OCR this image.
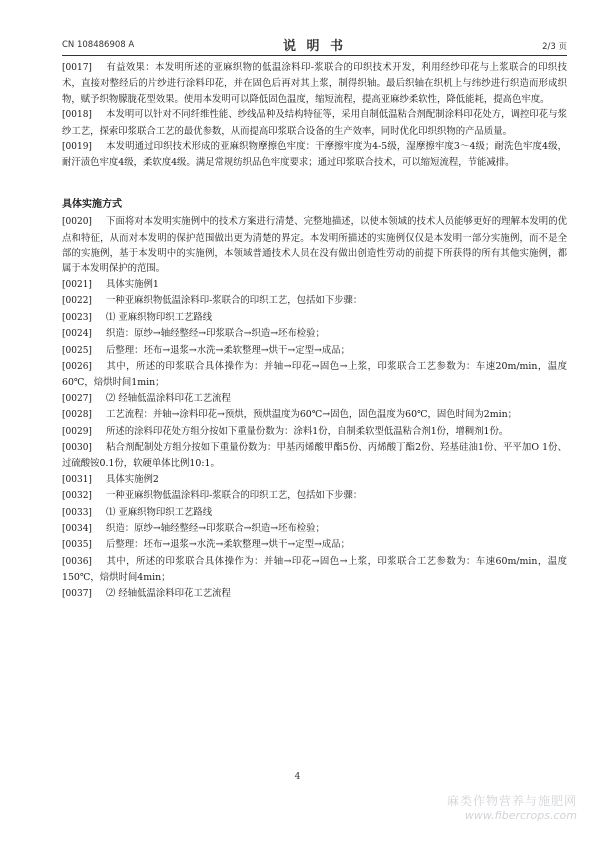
CN 108486908 A	说 明 书	2/3 页

[0017] 有益效果：本发明所述的亚麻织物的低温涂料印-浆联合的印织技术开发，利用经纱印花与上浆联合的印织技术，直接对整经后的片纱进行涂料印花，并在固色后再对其上浆，制得织轴。最后织轴在织机上与纬纱进行织造而形成织物，赋予织物朦胧花型效果。使用本发明可以降低固色温度，缩短流程，提高亚麻纱柔软性，降低能耗，提高色牢度。

[0018] 本发明可以针对不同纤维性能、纱线品种及结构特征等，采用自制低温粘合剂配制涂料印花处方，调控印花与浆纱工艺，探索印浆联合工艺的最优参数，从而提高印浆联合设备的生产效率，同时优化印织织物的产品质量。

[0019] 本发明通过印织技术形成的亚麻织物摩擦色牢度：干摩擦牢度为4-5级，湿摩擦牢度3～4级；耐洗色牢度4级，耐汗渍色牢度4级，柔软度4级。满足常规纺织品色牢度要求；通过印浆联合技术，可以缩短流程，节能减排。

具体实施方式

[0020] 下面将对本发明实施例中的技术方案进行清楚、完整地描述，以使本领域的技术人员能够更好的理解本发明的优点和特征，从而对本发明的保护范围做出更为清楚的界定。本发明所描述的实施例仅仅是本发明一部分实施例，而不是全部的实施例，基于本发明中的实施例，本领域普通技术人员在没有做出创造性劳动的前提下所获得的所有其他实施例，都属于本发明保护的范围。

[0021] 具体实施例1

[0022] 一种亚麻织物低温涂料印-浆联合的印织工艺，包括如下步骤：

[0023] ⑴ 亚麻织物印织工艺路线

[0024] 织造：原纱→轴经整经→印浆联合→织造→坯布检验；

[0025] 后整理：坯布→退浆→水洗→柔软整理→烘干→定型→成品；

[0026] 其中，所述的印浆联合具体操作为：并轴→印花→固色→上浆，印浆联合工艺参数为：车速20m/min，温度60℃，焙烘时间1min；

[0027] ⑵ 经轴低温涂料印花工艺流程

[0028] 工艺流程：并轴→涂料印花→预烘，预烘温度为60℃→固色，固色温度为60℃，固色时间为2min；

[0029] 所述的涂料印花处方组分按如下重量份数为：涂料1份，自制柔软型低温粘合剂1份，增稠剂1份。

[0030] 粘合剂配制处方组分按如下重量份数为：甲基丙烯酸甲酯5份、丙烯酸丁酯2份、羟基硅油1份、平平加O 1份、过硫酸铵0.1份，软硬单体比例10:1。

[0031] 具体实施例2

[0032] 一种亚麻织物低温涂料印-浆联合的印织工艺，包括如下步骤：

[0033] ⑴ 亚麻织物印织工艺路线

[0034] 织造：原纱→轴经整经→印浆联合→织造→坯布检验；

[0035] 后整理：坯布→退浆→水洗→柔软整理→烘干→定型→成品；

[0036] 其中，所述的印浆联合具体操作为：并轴→印花→固色→上浆，印浆联合工艺参数为：车速60m/min，温度150℃，焙烘时间4min；

[0037] ⑵ 经轴低温涂料印花工艺流程

4
麻类作物营养与施肥网
www.fibercrops.com
